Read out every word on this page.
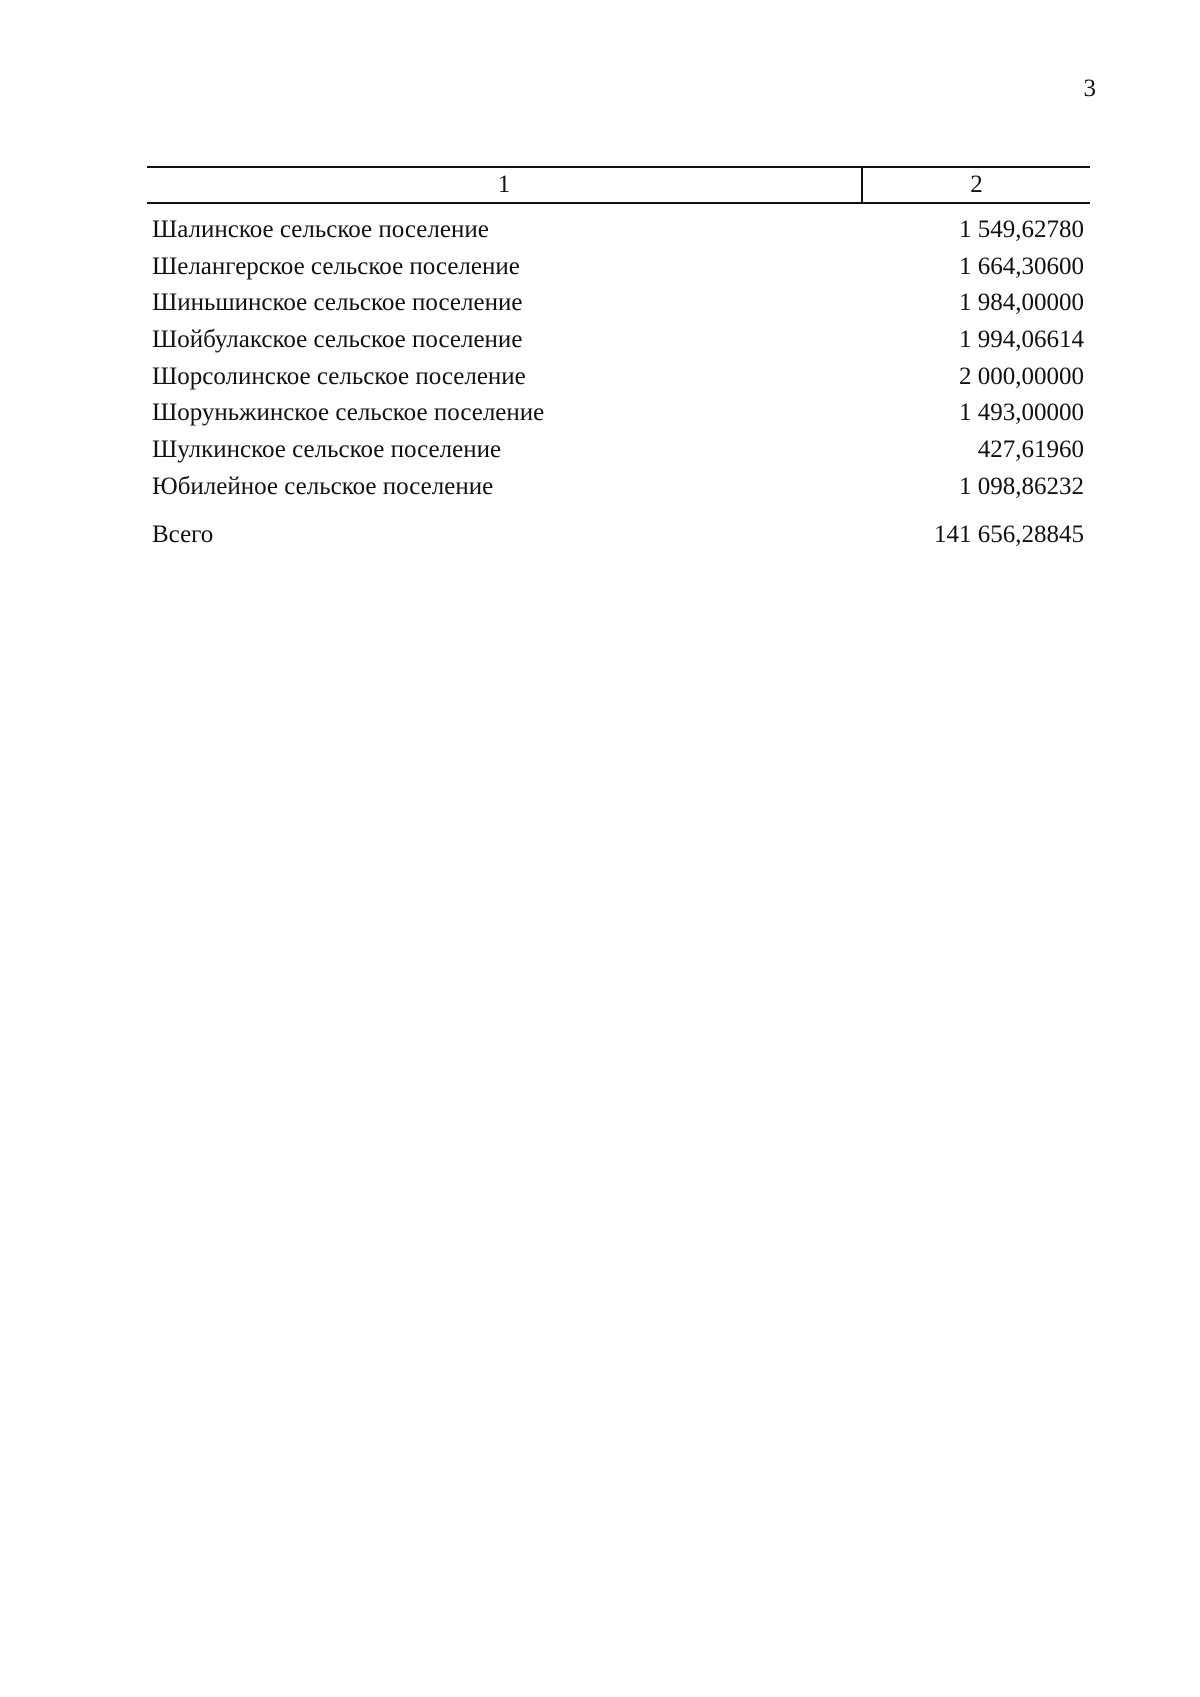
3
1	2
Шалинское сельское поселение	1 549,62780
Шелангерское сельское поселение	1 664,30600
Шиньшинское сельское поселение	1 984,00000
Шойбулакское сельское поселение	1 994,06614
Шорсолинское сельское поселение	2 000,00000
Шоруньжинское сельское поселение	1 493,00000
Шулкинское сельское поселение	427,61960
Юбилейное сельское поселение	1 098,86232
Всего	141 656,28845
